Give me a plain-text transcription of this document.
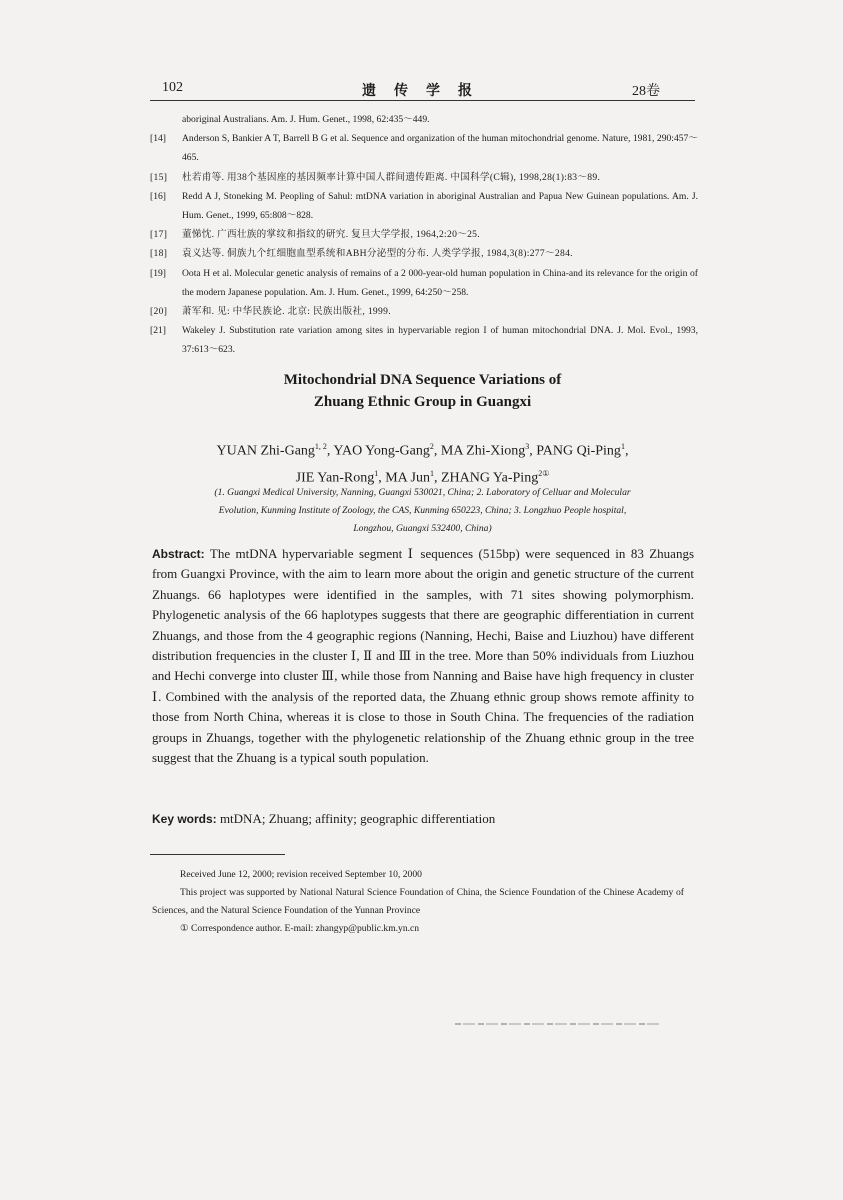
102	遗传学报	28卷
aboriginal Australians. Am. J. Hum. Genet., 1998, 62:435～449.
[14] Anderson S, Bankier A T, Barrell B G et al. Sequence and organization of the human mitochondrial genome. Nature, 1981, 290:457～465.
[15] 杜若甫等. 用38个基因座的基因频率计算中国人群间遗传距离. 中国科学(C辑), 1998,28(1):83～89.
[16] Redd A J, Stoneking M. Peopling of Sahul: mtDNA variation in aboriginal Australian and Papua New Guinean populations. Am. J. Hum. Genet., 1999, 65:808～828.
[17] 董悌忱. 广西壮族的掌纹和指纹的研究. 复旦大学学报, 1964,2:20～25.
[18] 袁义达等. 侗族九个红细胞血型系统和ABH分泌型的分布. 人类学学报, 1984,3(8):277～284.
[19] Oota H et al. Molecular genetic analysis of remains of a 2 000-year-old human population in China-and its relevance for the origin of the modern Japanese population. Am. J. Hum. Genet., 1999, 64:250～258.
[20] 萧军和. 见: 中华民族论. 北京: 民族出版社, 1999.
[21] Wakeley J. Substitution rate variation among sites in hypervariable region I of human mitochondrial DNA. J. Mol. Evol., 1993, 37:613～623.
Mitochondrial DNA Sequence Variations of
Zhuang Ethnic Group in Guangxi
YUAN Zhi-Gang$^{1, 2}$, YAO Yong-Gang$^2$, MA Zhi-Xiong$^3$, PANG Qi-Ping$^1$,
JIE Yan-Rong$^1$, MA Jun$^1$, ZHANG Ya-Ping$^{2①}$
(1. Guangxi Medical University, Nanning, Guangxi 530021, China; 2. Laboratory of Celluar and Molecular
Evolution, Kunming Institute of Zoology, the CAS, Kunming 650223, China; 3. Longzhuo People hospital,
Longzhou, Guangxi 532400, China)
Abstract: The mtDNA hypervariable segment Ⅰ sequences (515bp) were sequenced in 83 Zhuangs from Guangxi Province, with the aim to learn more about the origin and genetic structure of the current Zhuangs. 66 haplotypes were identified in the samples, with 71 sites showing polymorphism. Phylogenetic analysis of the 66 haplotypes suggests that there are geographic differentiation in current Zhuangs, and those from the 4 geographic regions (Nanning, Hechi, Baise and Liuzhou) have different distribution frequencies in the cluster Ⅰ, Ⅱ and Ⅲ in the tree. More than 50% individuals from Liuzhou and Hechi converge into cluster Ⅲ, while those from Nanning and Baise have high frequency in cluster Ⅰ. Combined with the analysis of the reported data, the Zhuang ethnic group shows remote affinity to those from North China, whereas it is close to those in South China. The frequencies of the radiation groups in Zhuangs, together with the phylogenetic relationship of the Zhuang ethnic group in the tree suggest that the Zhuang is a typical south population.
Key words: mtDNA; Zhuang; affinity; geographic differentiation
Received June 12, 2000; revision received September 10, 2000
This project was supported by National Natural Science Foundation of China, the Science Foundation of the Chinese Academy of Sciences, and the Natural Science Foundation of the Yunnan Province
① Correspondence author. E-mail: zhangyp@public.km.yn.cn
